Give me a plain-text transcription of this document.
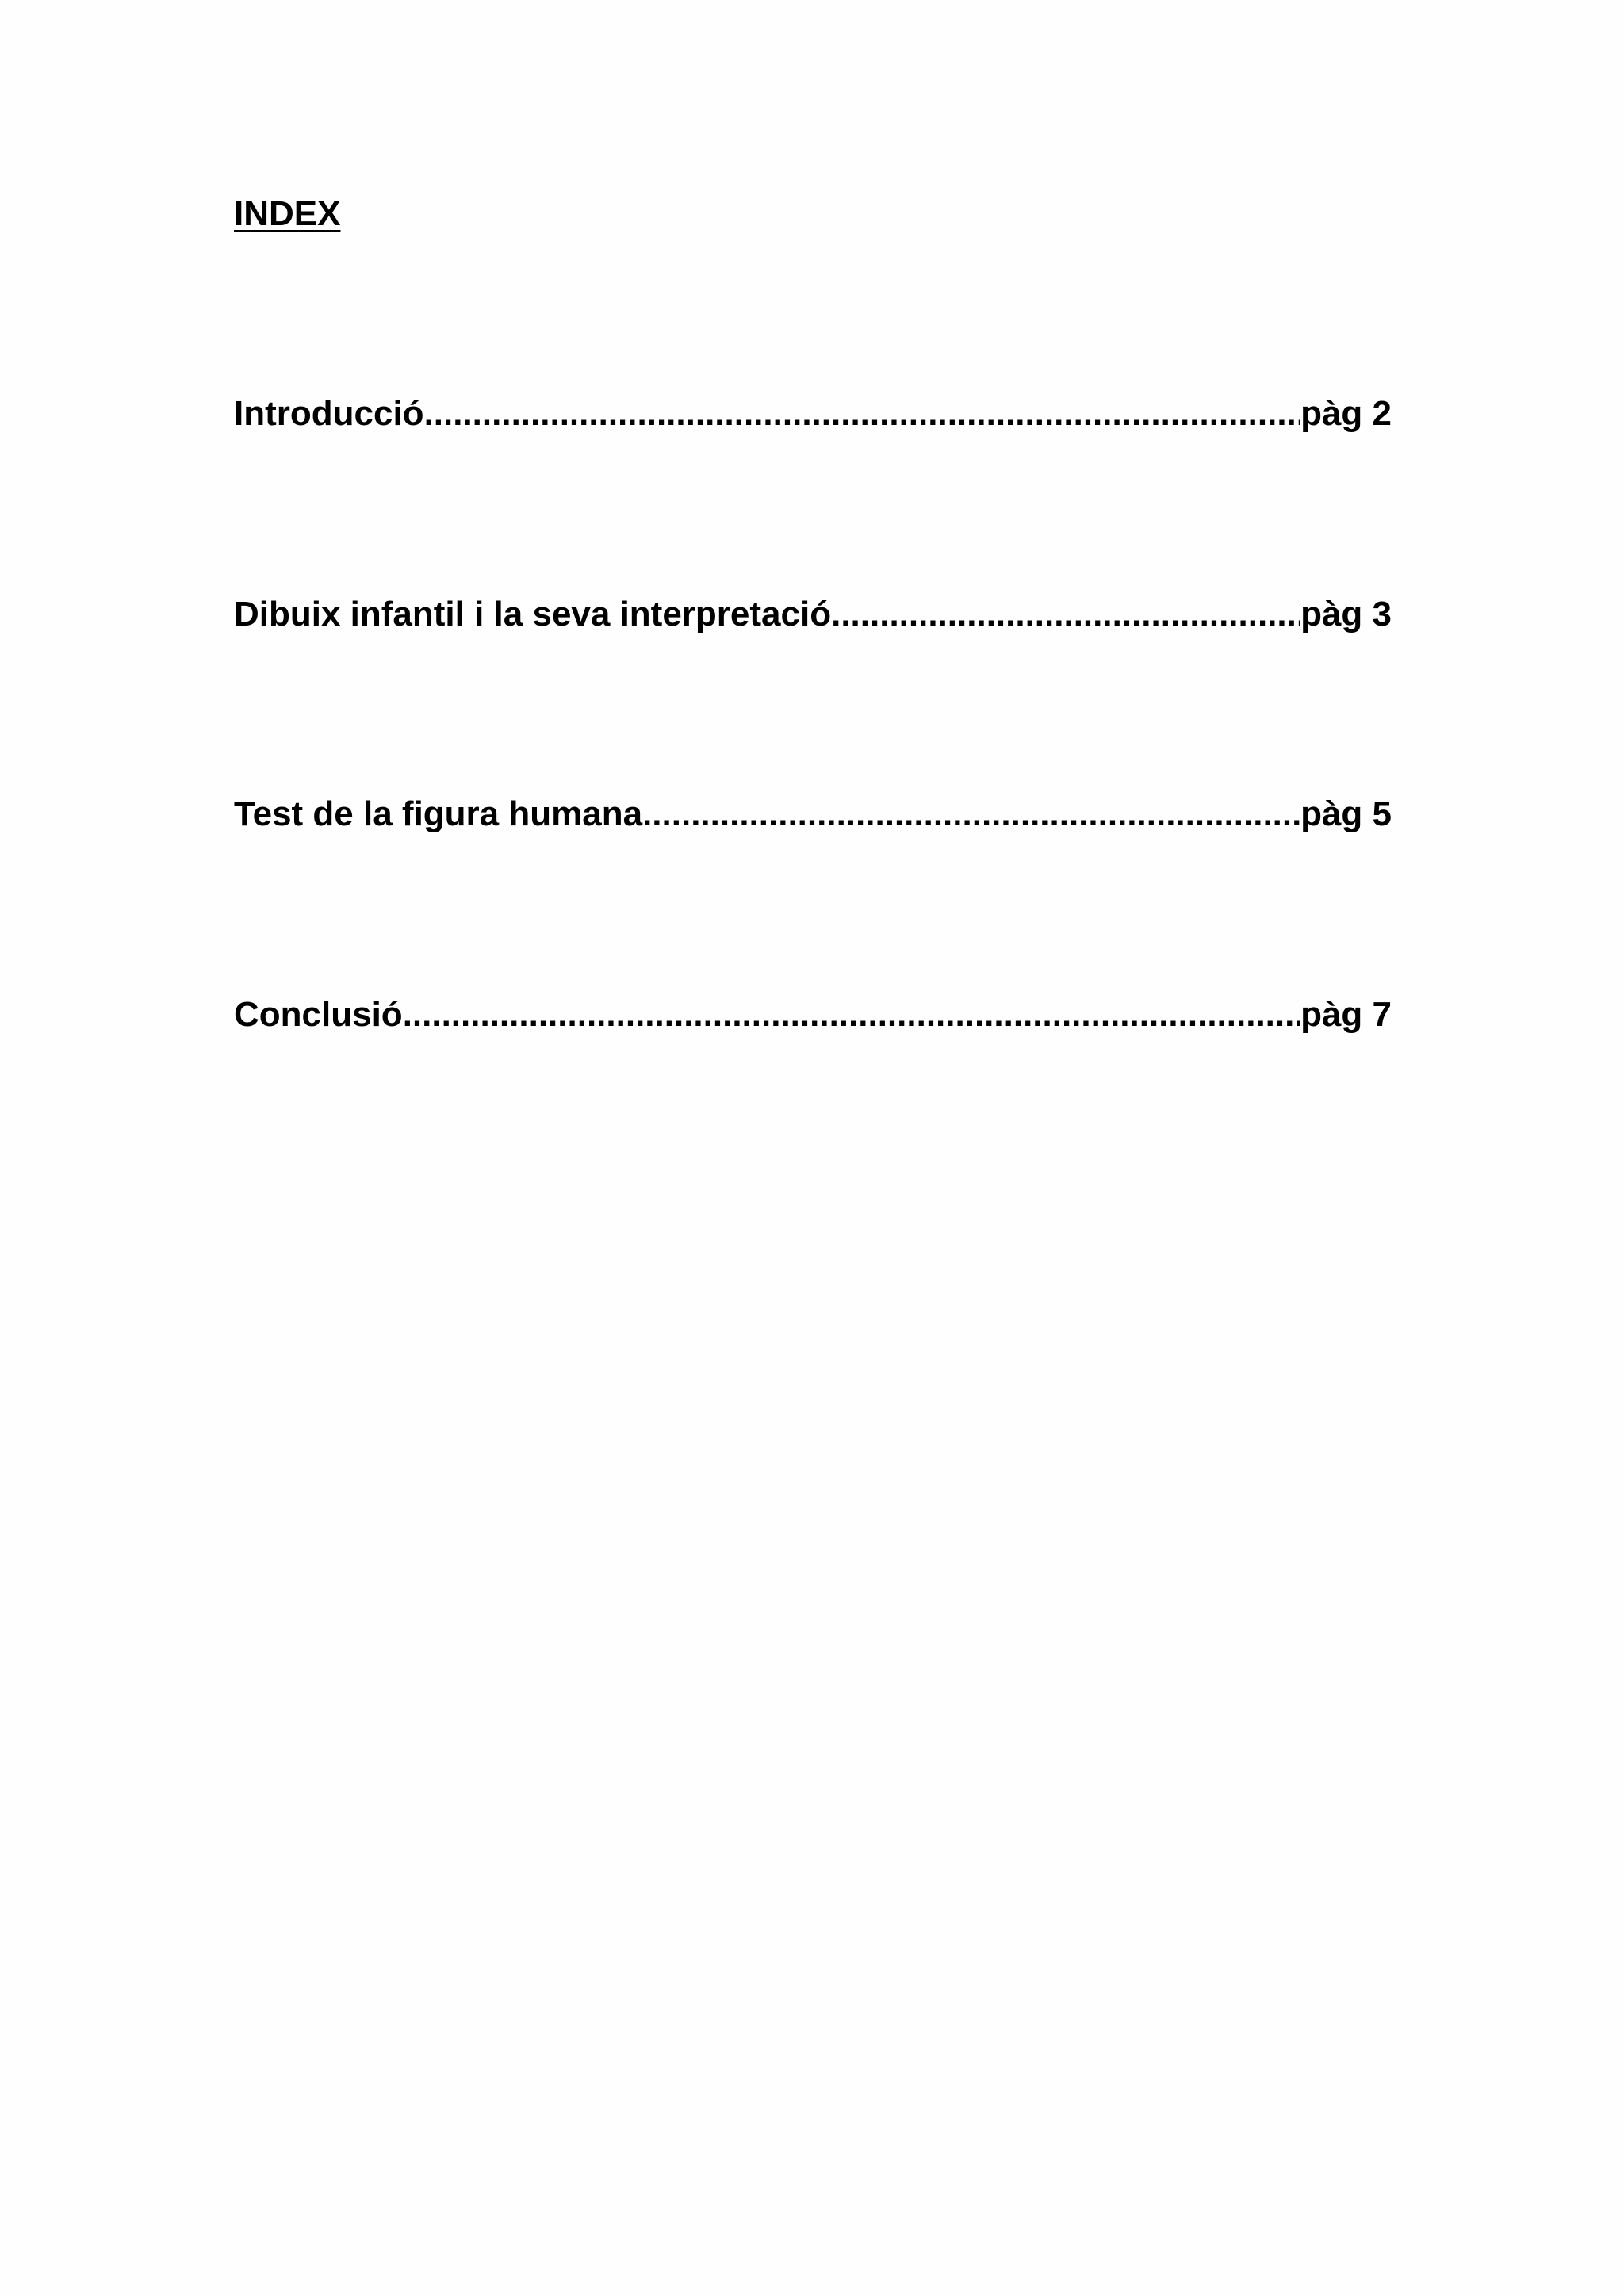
INDEX
Introducció .....	pàg 2
Dibuix infantil i la seva interpretació .....	pàg 3
Test de la figura humana .....	pàg 5
Conclusió .....	pàg 7
